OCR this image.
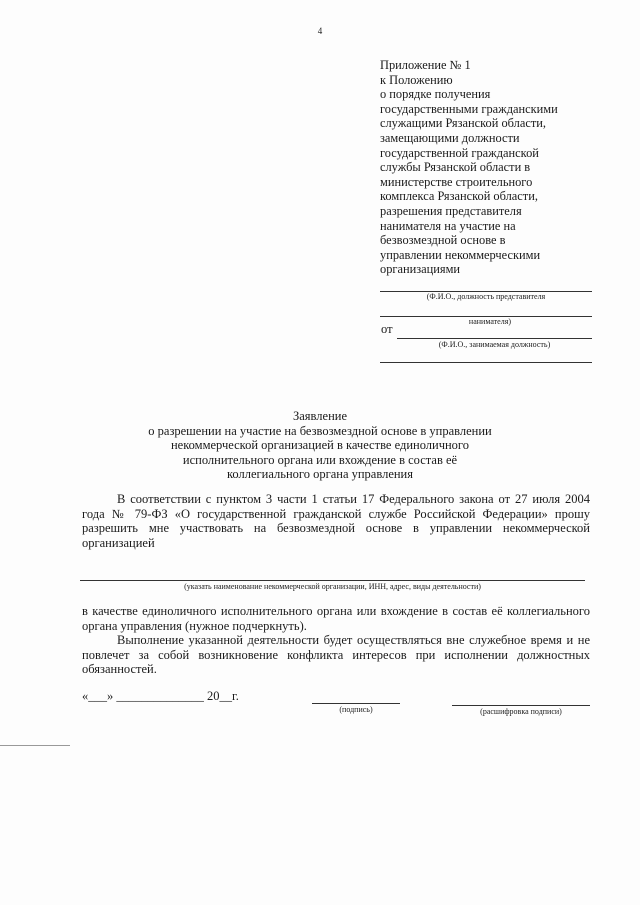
4
Приложение № 1
к Положению
о порядке получения
государственными гражданскими
служащими Рязанской области,
замещающими должности
государственной гражданской
службы Рязанской области в
министерстве строительного
комплекса Рязанской области,
разрешения представителя
нанимателя на участие на
безвозмездной основе в
управлении некоммерческими
организациями
(Ф.И.О., должность представителя
нанимателя)
от
(Ф.И.О., занимаемая должность)
Заявление
о разрешении на участие на безвозмездной основе в управлении
некоммерческой организацией в качестве единоличного
исполнительного органа или вхождение в состав её
коллегиального органа управления
В соответствии с пунктом 3 части 1 статьи 17 Федерального закона от 27 июля 2004 года № 79-ФЗ «О государственной гражданской службе Российской Федерации» прошу разрешить мне участвовать на безвозмездной основе в управлении некоммерческой организацией
(указать наименование некоммерческой организации, ИНН, адрес, виды деятельности)
в качестве единоличного исполнительного органа или вхождение в состав её коллегиального органа управления (нужное подчеркнуть).
Выполнение указанной деятельности будет осуществляться вне служебное время и не повлечет за собой возникновение конфликта интересов при исполнении должностных обязанностей.
«___» ______________ 20__г.
(подпись)	(расшифровка подписи)
